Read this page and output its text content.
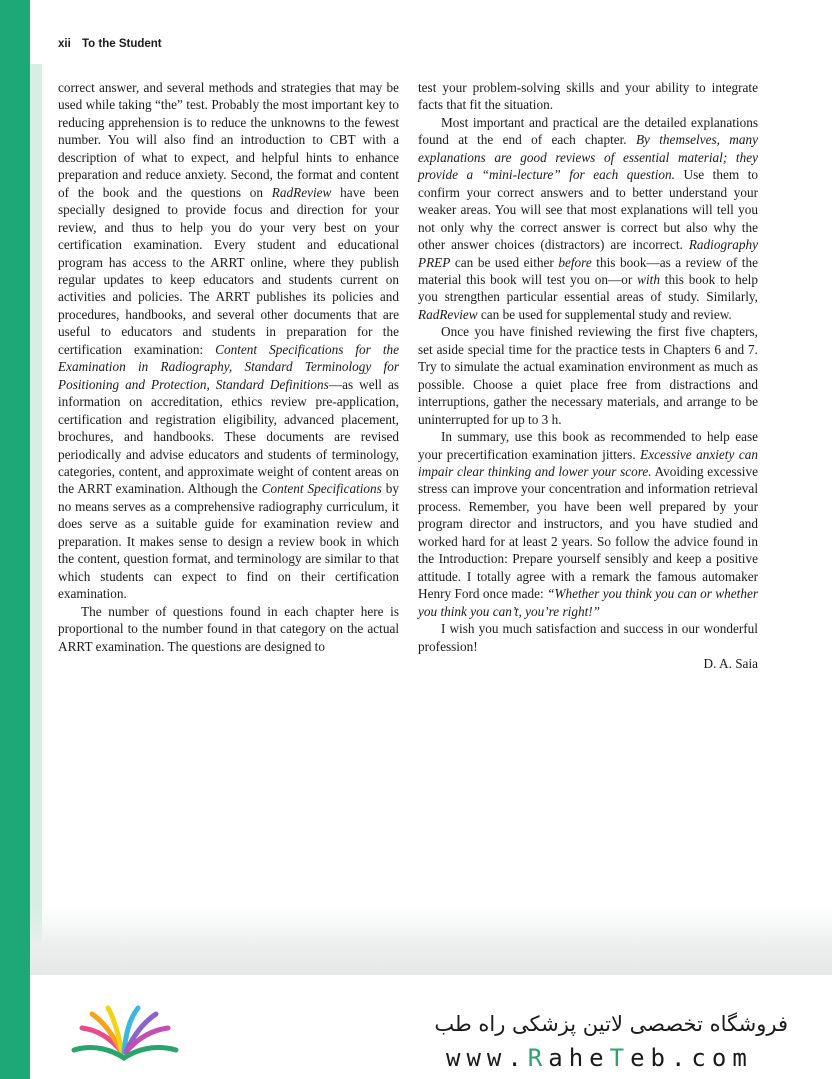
xii To the Student

correct answer, and several methods and strategies that may be used while taking “the” test. Probably the most important key to reducing apprehension is to reduce the unknowns to the fewest number. You will also find an introduction to CBT with a description of what to expect, and helpful hints to enhance preparation and reduce anxiety. Second, the format and content of the book and the questions on RadReview have been specially designed to provide focus and direction for your review, and thus to help you do your very best on your certification examination. Every student and educational program has access to the ARRT online, where they publish regular updates to keep educators and students current on activities and policies. The ARRT publishes its policies and procedures, handbooks, and several other documents that are useful to educators and students in preparation for the certification examination: Content Specifications for the Examination in Radiography, Standard Terminology for Positioning and Protection, Standard Definitions—as well as information on accreditation, ethics review pre-application, certification and registration eligibility, advanced placement, brochures, and handbooks. These documents are revised periodically and advise educators and students of terminology, categories, content, and approximate weight of content areas on the ARRT examination. Although the Content Specifications by no means serves as a comprehensive radiography curriculum, it does serve as a suitable guide for examination review and preparation. It makes sense to design a review book in which the content, question format, and terminology are similar to that which students can expect to find on their certification examination.

The number of questions found in each chapter here is proportional to the number found in that category on the actual ARRT examination. The questions are designed to

test your problem-solving skills and your ability to integrate facts that fit the situation.

Most important and practical are the detailed explanations found at the end of each chapter. By themselves, many explanations are good reviews of essential material; they provide a “mini-lecture” for each question. Use them to confirm your correct answers and to better understand your weaker areas. You will see that most explanations will tell you not only why the correct answer is correct but also why the other answer choices (distractors) are incorrect. Radiography PREP can be used either before this book—as a review of the material this book will test you on—or with this book to help you strengthen particular essential areas of study. Similarly, RadReview can be used for supplemental study and review.

Once you have finished reviewing the first five chapters, set aside special time for the practice tests in Chapters 6 and 7. Try to simulate the actual examination environment as much as possible. Choose a quiet place free from distractions and interruptions, gather the necessary materials, and arrange to be uninterrupted for up to 3 h.

In summary, use this book as recommended to help ease your precertification examination jitters. Excessive anxiety can impair clear thinking and lower your score. Avoiding excessive stress can improve your concentration and information retrieval process. Remember, you have been well prepared by your program director and instructors, and you have studied and worked hard for at least 2 years. So follow the advice found in the Introduction: Prepare yourself sensibly and keep a positive attitude. I totally agree with a remark the famous automaker Henry Ford once made: “Whether you think you can or whether you think you can’t, you’re right!”

I wish you much satisfaction and success in our wonderful profession!

D. A. Saia

فروشگاه تخصصی لاتین پزشکی راه طب
www.RaheTeb.com
